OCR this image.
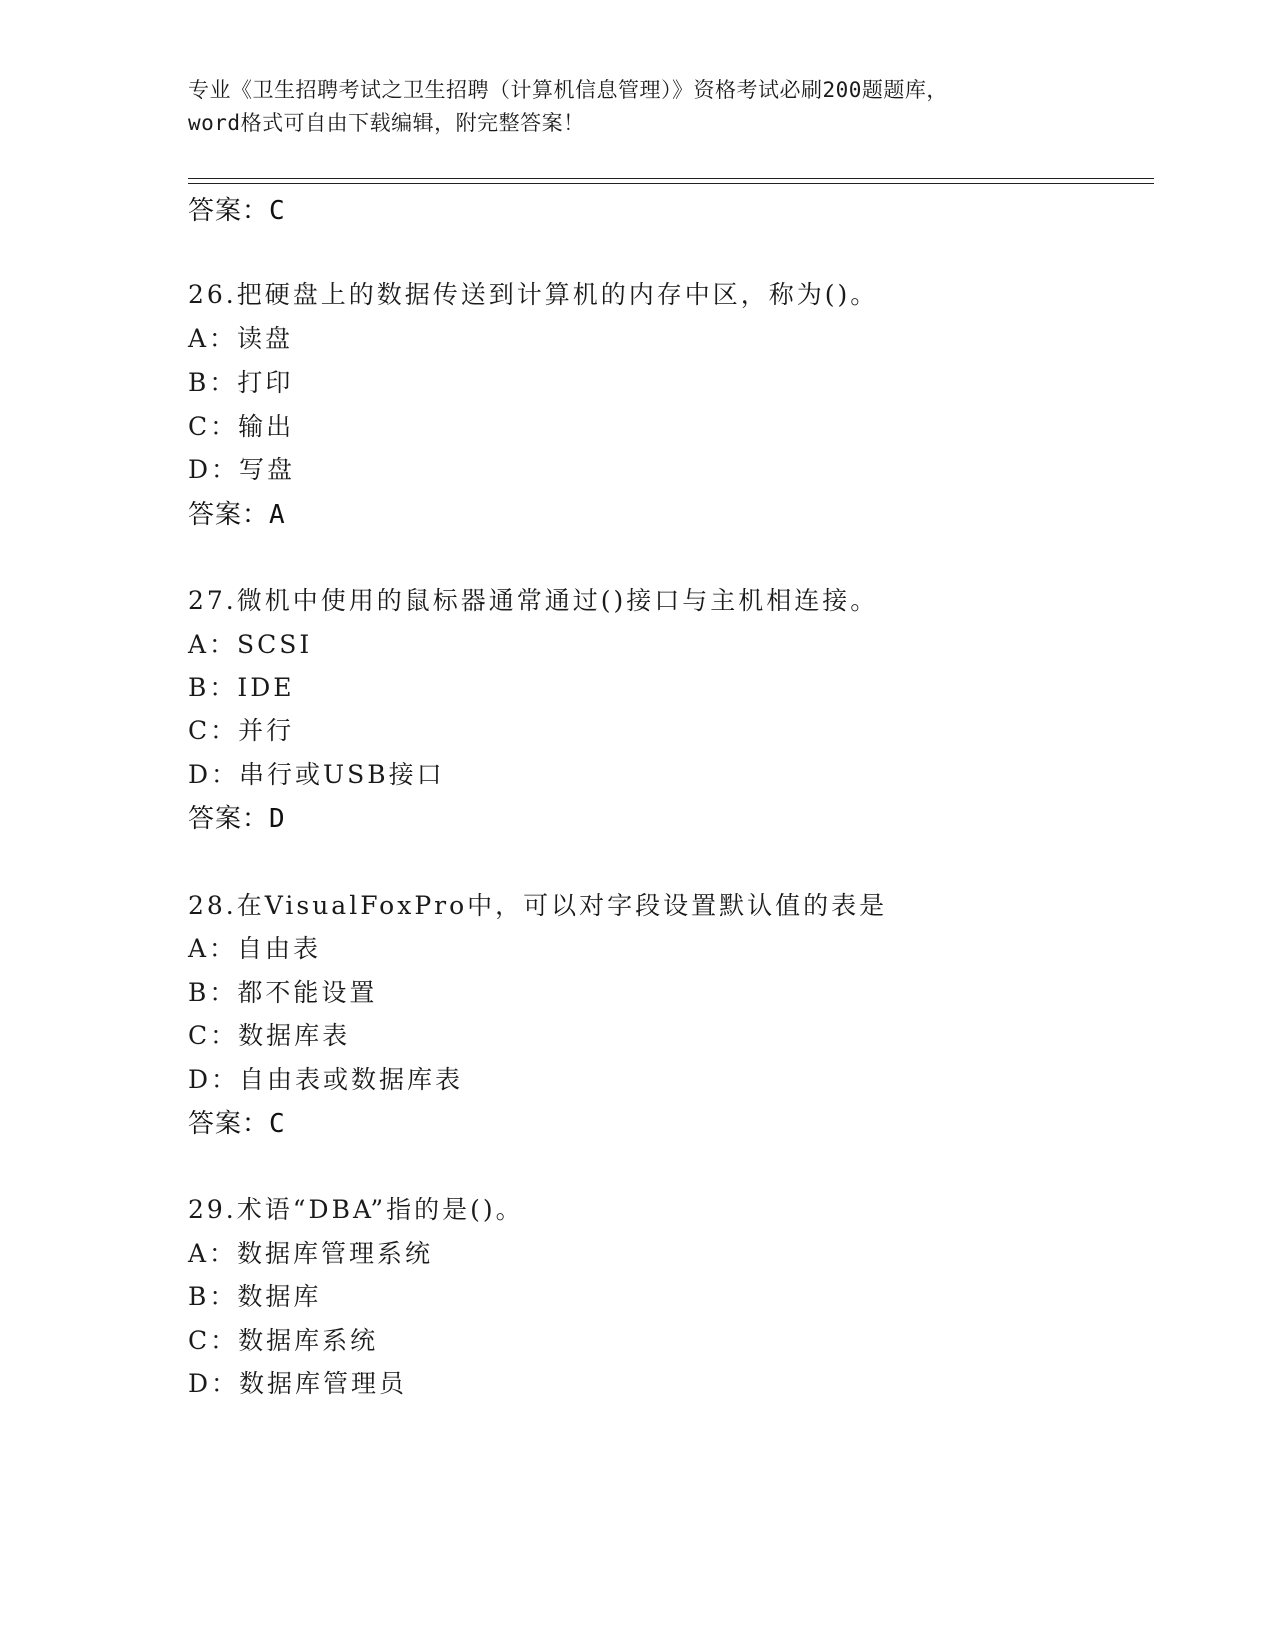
专业《卫生招聘考试之卫生招聘（计算机信息管理）》资格考试必刷200题题库，
word格式可自由下载编辑，附完整答案！
答案：C
26.把硬盘上的数据传送到计算机的内存中区，称为()。
A：读盘
B：打印
C：输出
D：写盘
答案：A
27.微机中使用的鼠标器通常通过()接口与主机相连接。
A：SCSI
B：IDE
C：并行
D：串行或USB接口
答案：D
28.在VisualFoxPro中，可以对字段设置默认值的表是
A：自由表
B：都不能设置
C：数据库表
D：自由表或数据库表
答案：C
29.术语“DBA”指的是()。
A：数据库管理系统
B：数据库
C：数据库系统
D：数据库管理员
